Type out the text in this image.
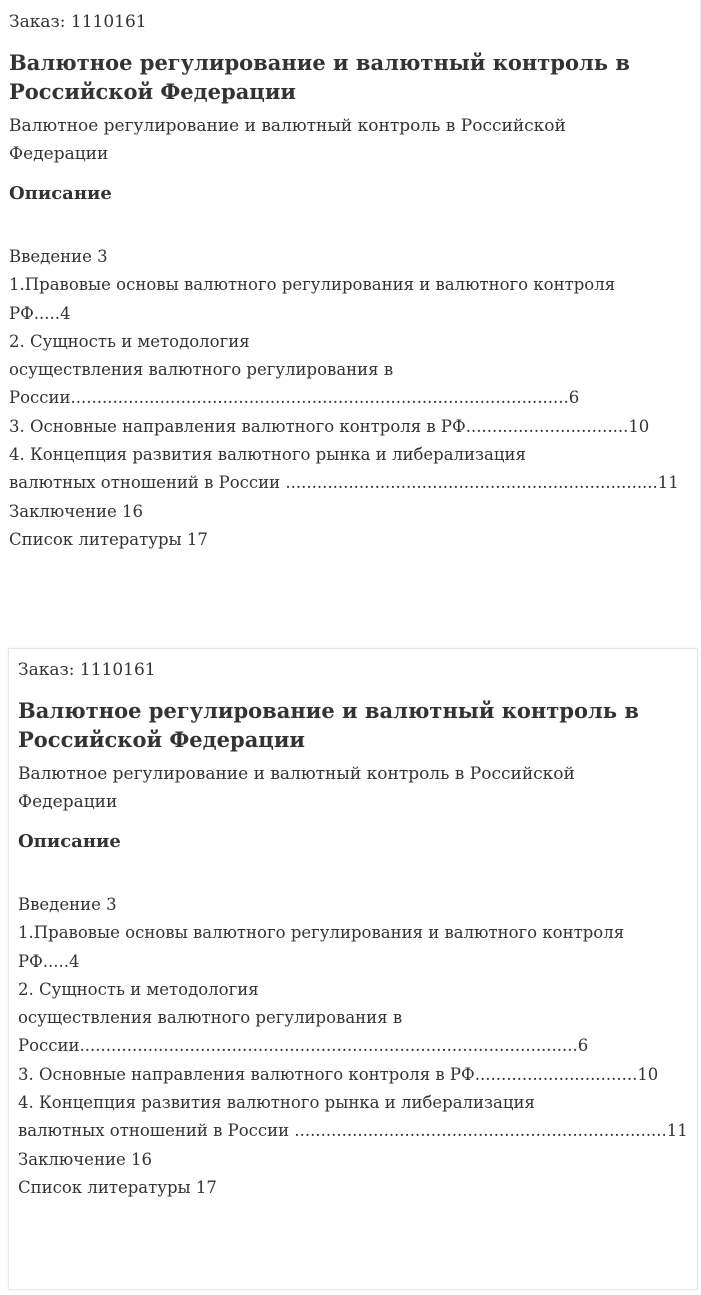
Заказ: 1110161
Валютное регулирование и валютный контроль в Российской Федерации
Валютное регулирование и валютный контроль в Российской Федерации
Описание
Введение 3
1.Правовые основы валютного регулирования и валютного контроля
РФ.....4
2. Сущность и методология
осуществления валютного регулирования в
России...............................................................................................6
3. Основные направления валютного контроля в РФ...............................10
4. Концепция развития валютного рынка и либерализация
валютных отношений в России .......................................................................11
Заключение 16
Список литературы 17
Заказ: 1110161
Валютное регулирование и валютный контроль в Российской Федерации
Валютное регулирование и валютный контроль в Российской Федерации
Описание
Введение 3
1.Правовые основы валютного регулирования и валютного контроля
РФ.....4
2. Сущность и методология
осуществления валютного регулирования в
России...............................................................................................6
3. Основные направления валютного контроля в РФ...............................10
4. Концепция развития валютного рынка и либерализация
валютных отношений в России .......................................................................11
Заключение 16
Список литературы 17
